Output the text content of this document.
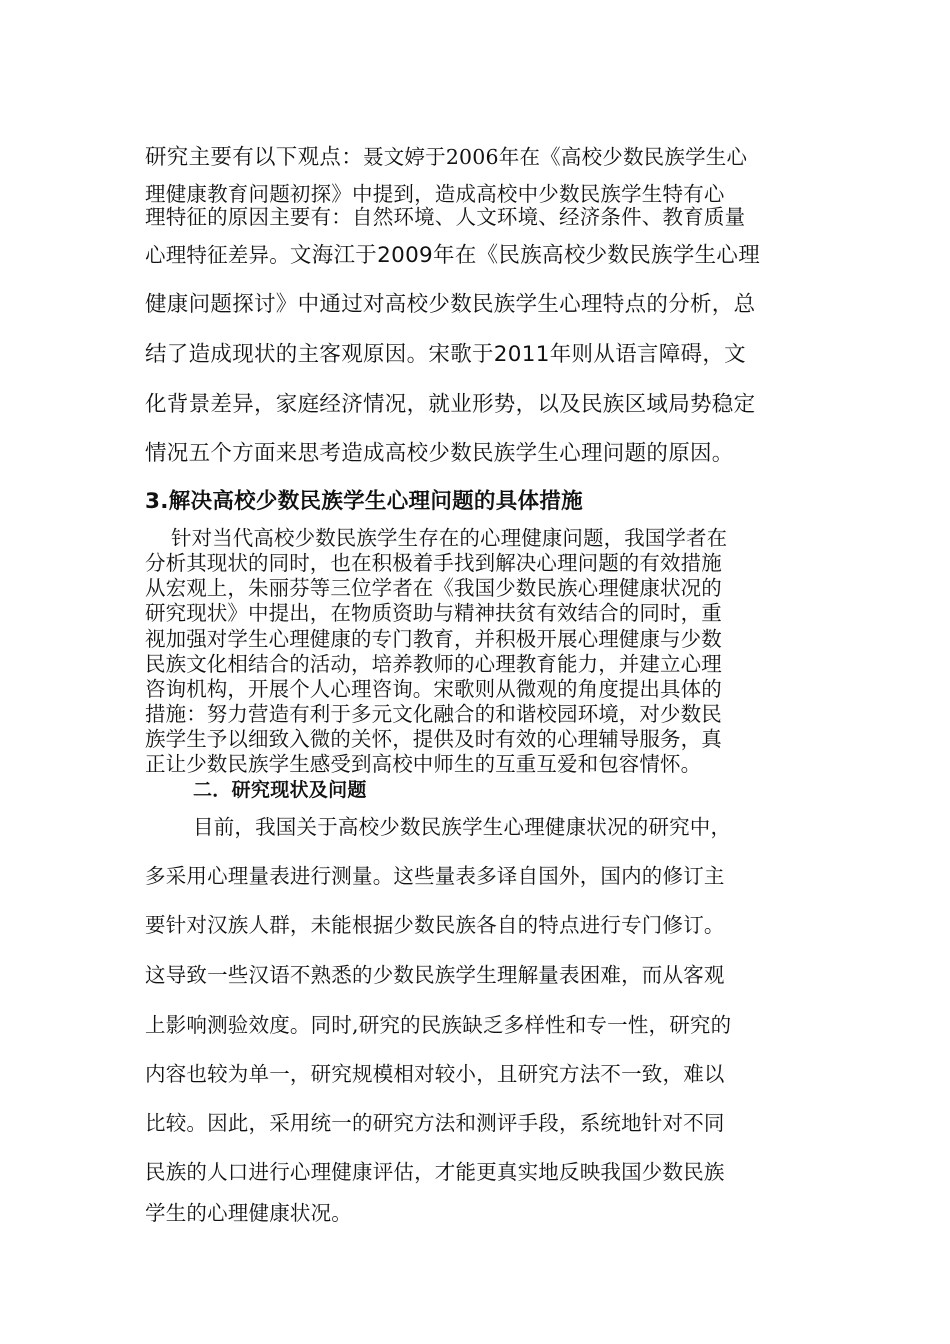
研究主要有以下观点：聂文婷于2006年在《高校少数民族学生心
理健康教育问题初探》中提到，造成高校中少数民族学生特有心
理特征的原因主要有：自然环境、人文环境、经济条件、教育质量
心理特征差异。文海江于2009年在《民族高校少数民族学生心理
健康问题探讨》中通过对高校少数民族学生心理特点的分析，总
结了造成现状的主客观原因。宋歌于2011年则从语言障碍，文
化背景差异，家庭经济情况，就业形势，以及民族区域局势稳定
情况五个方面来思考造成高校少数民族学生心理问题的原因。
3.解决高校少数民族学生心理问题的具体措施
针对当代高校少数民族学生存在的心理健康问题，我国学者在
分析其现状的同时，也在积极着手找到解决心理问题的有效措施
从宏观上，朱丽芬等三位学者在《我国少数民族心理健康状况的
研究现状》中提出，在物质资助与精神扶贫有效结合的同时，重
视加强对学生心理健康的专门教育，并积极开展心理健康与少数
民族文化相结合的活动，培养教师的心理教育能力，并建立心理
咨询机构，开展个人心理咨询。宋歌则从微观的角度提出具体的
措施：努力营造有利于多元文化融合的和谐校园环境，对少数民
族学生予以细致入微的关怀，提供及时有效的心理辅导服务，真
正让少数民族学生感受到高校中师生的互重互爱和包容情怀。
二．研究现状及问题
目前，我国关于高校少数民族学生心理健康状况的研究中，
多采用心理量表进行测量。这些量表多译自国外，国内的修订主
要针对汉族人群，未能根据少数民族各自的特点进行专门修订。
这导致一些汉语不熟悉的少数民族学生理解量表困难，而从客观
上影响测验效度。同时,研究的民族缺乏多样性和专一性，研究的
内容也较为单一，研究规模相对较小，且研究方法不一致，难以
比较。因此，采用统一的研究方法和测评手段，系统地针对不同
民族的人口进行心理健康评估，才能更真实地反映我国少数民族
学生的心理健康状况。
